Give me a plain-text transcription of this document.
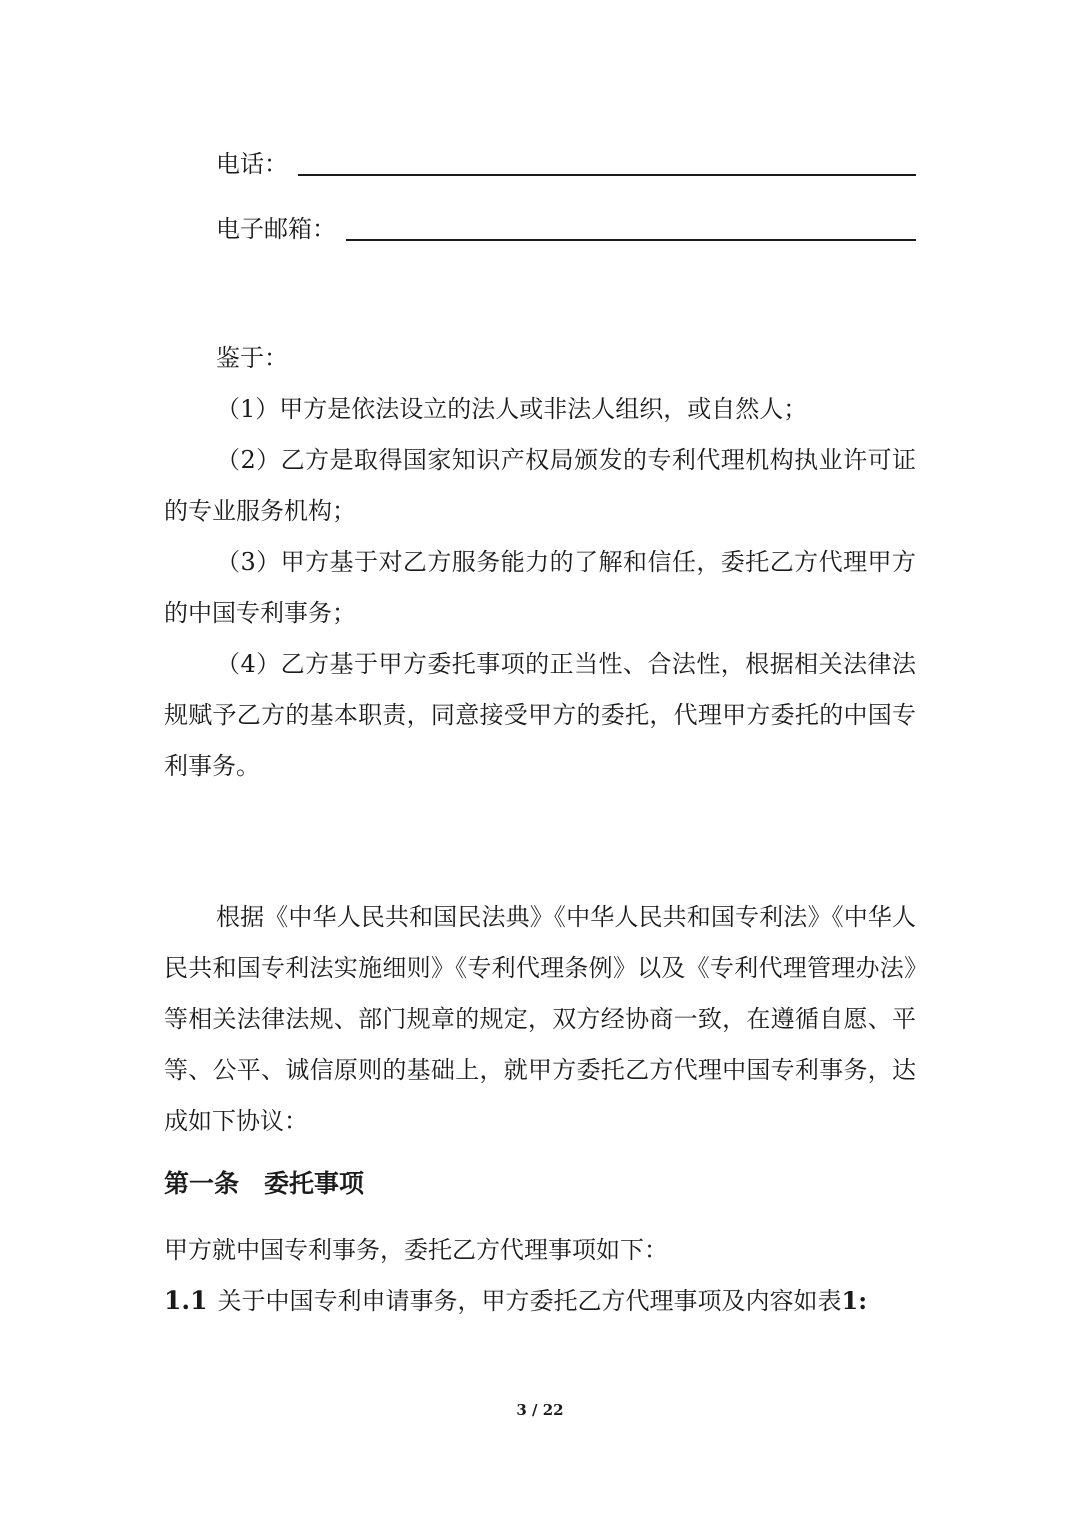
电话：
电子邮箱：

鉴于：

（1）甲方是依法设立的法人或非法人组织，或自然人；

（2）乙方是取得国家知识产权局颁发的专利代理机构执业许可证的专业服务机构；

（3）甲方基于对乙方服务能力的了解和信任，委托乙方代理甲方的中国专利事务；

（4）乙方基于甲方委托事项的正当性、合法性，根据相关法律法规赋予乙方的基本职责，同意接受甲方的委托，代理甲方委托的中国专利事务。

根据《中华人民共和国民法典》《中华人民共和国专利法》《中华人民共和国专利法实施细则》《专利代理条例》以及《专利代理管理办法》等相关法律法规、部门规章的规定，双方经协商一致，在遵循自愿、平等、公平、诚信原则的基础上，就甲方委托乙方代理中国专利事务，达成如下协议：

第一条　委托事项
甲方就中国专利事务，委托乙方代理事项如下：
1.1 关于中国专利申请事务，甲方委托乙方代理事项及内容如表1:
3 / 22
